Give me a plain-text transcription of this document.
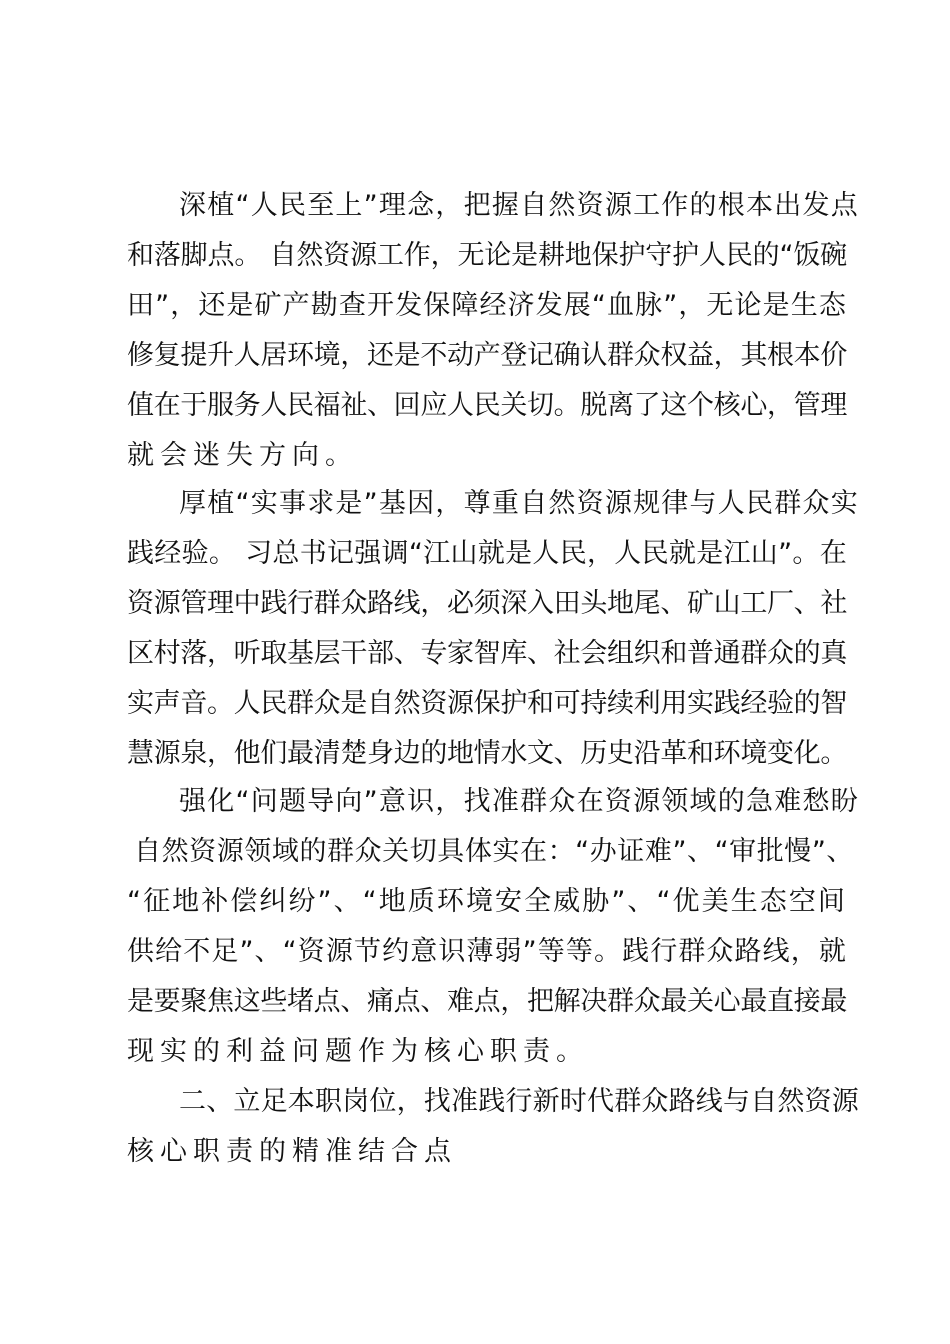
深植“人民至上”理念，把握自然资源工作的根本出发点
和落脚点。 自然资源工作，无论是耕地保护守护人民的“饭碗
田”，还是矿产勘查开发保障经济发展“血脉”，无论是生态
修复提升人居环境，还是不动产登记确认群众权益，其根本价
值在于服务人民福祉、回应人民关切。脱离了这个核心，管理
就会迷失方向。
厚植“实事求是”基因，尊重自然资源规律与人民群众实
践经验。 习总书记强调“江山就是人民，人民就是江山”。在
资源管理中践行群众路线，必须深入田头地尾、矿山工厂、社
区村落，听取基层干部、专家智库、社会组织和普通群众的真
实声音。人民群众是自然资源保护和可持续利用实践经验的智
慧源泉，他们最清楚身边的地情水文、历史沿革和环境变化。
强化“问题导向”意识，找准群众在资源领域的急难愁盼
自然资源领域的群众关切具体实在：“办证难”、“审批慢”、
“征地补偿纠纷”、“地质环境安全威胁”、“优美生态空间
供给不足”、“资源节约意识薄弱”等等。践行群众路线，就
是要聚焦这些堵点、痛点、难点，把解决群众最关心最直接最
现实的利益问题作为核心职责。
二、立足本职岗位，找准践行新时代群众路线与自然资源
核心职责的精准结合点
